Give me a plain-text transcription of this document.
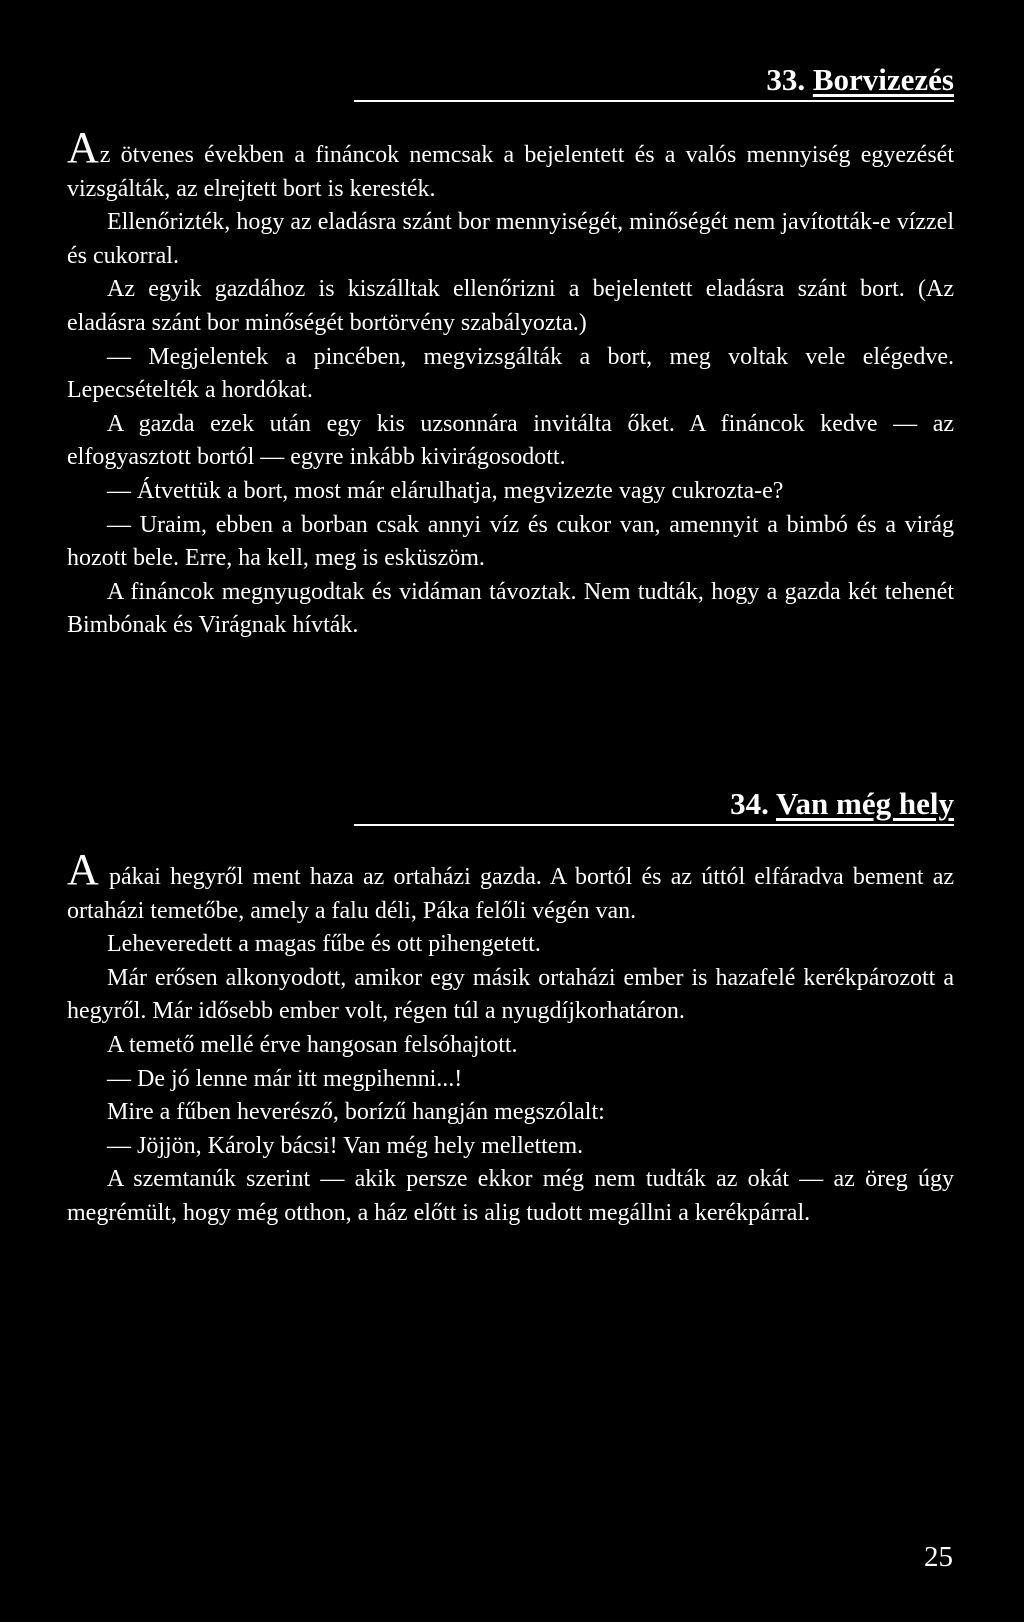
33. Borvizezés

Az ötvenes években a fináncok nemcsak a bejelentett és a valós mennyiség egyezését vizsgálták, az elrejtett bort is keresték.

Ellenőrizték, hogy az eladásra szánt bor mennyiségét, minőségét nem javították-e vízzel és cukorral.

Az egyik gazdához is kiszálltak ellenőrizni a bejelentett eladásra szánt bort. (Az eladásra szánt bor minőségét bortörvény szabályozta.)

— Megjelentek a pincében, megvizsgálták a bort, meg voltak vele elégedve. Lepecsételték a hordókat.

A gazda ezek után egy kis uzsonnára invitálta őket. A fináncok kedve — az elfogyasztott bortól — egyre inkább kivirágosodott.

— Átvettük a bort, most már elárulhatja, megvizezte vagy cukrozta-e?

— Uraim, ebben a borban csak annyi víz és cukor van, amennyit a bimbó és a virág hozott bele. Erre, ha kell, meg is esküszöm.

A fináncok megnyugodtak és vidáman távoztak. Nem tudták, hogy a gazda két tehenét Bimbónak és Virágnak hívták.

34. Van még hely

A pákai hegyről ment haza az ortaházi gazda. A bortól és az úttól elfáradva bement az ortaházi temetőbe, amely a falu déli, Páka felőli végén van.

Leheveredett a magas fűbe és ott pihengetett.

Már erősen alkonyodott, amikor egy másik ortaházi ember is hazafelé kerékpározott a hegyről. Már idősebb ember volt, régen túl a nyugdíjkorhatáron.

A temető mellé érve hangosan felsóhajtott.

— De jó lenne már itt megpihenni...!

Mire a fűben heverésző, borízű hangján megszólalt:

— Jöjjön, Károly bácsi! Van még hely mellettem.

A szemtanúk szerint — akik persze ekkor még nem tudták az okát — az öreg úgy megrémült, hogy még otthon, a ház előtt is alig tudott megállni a kerékpárral.

25
